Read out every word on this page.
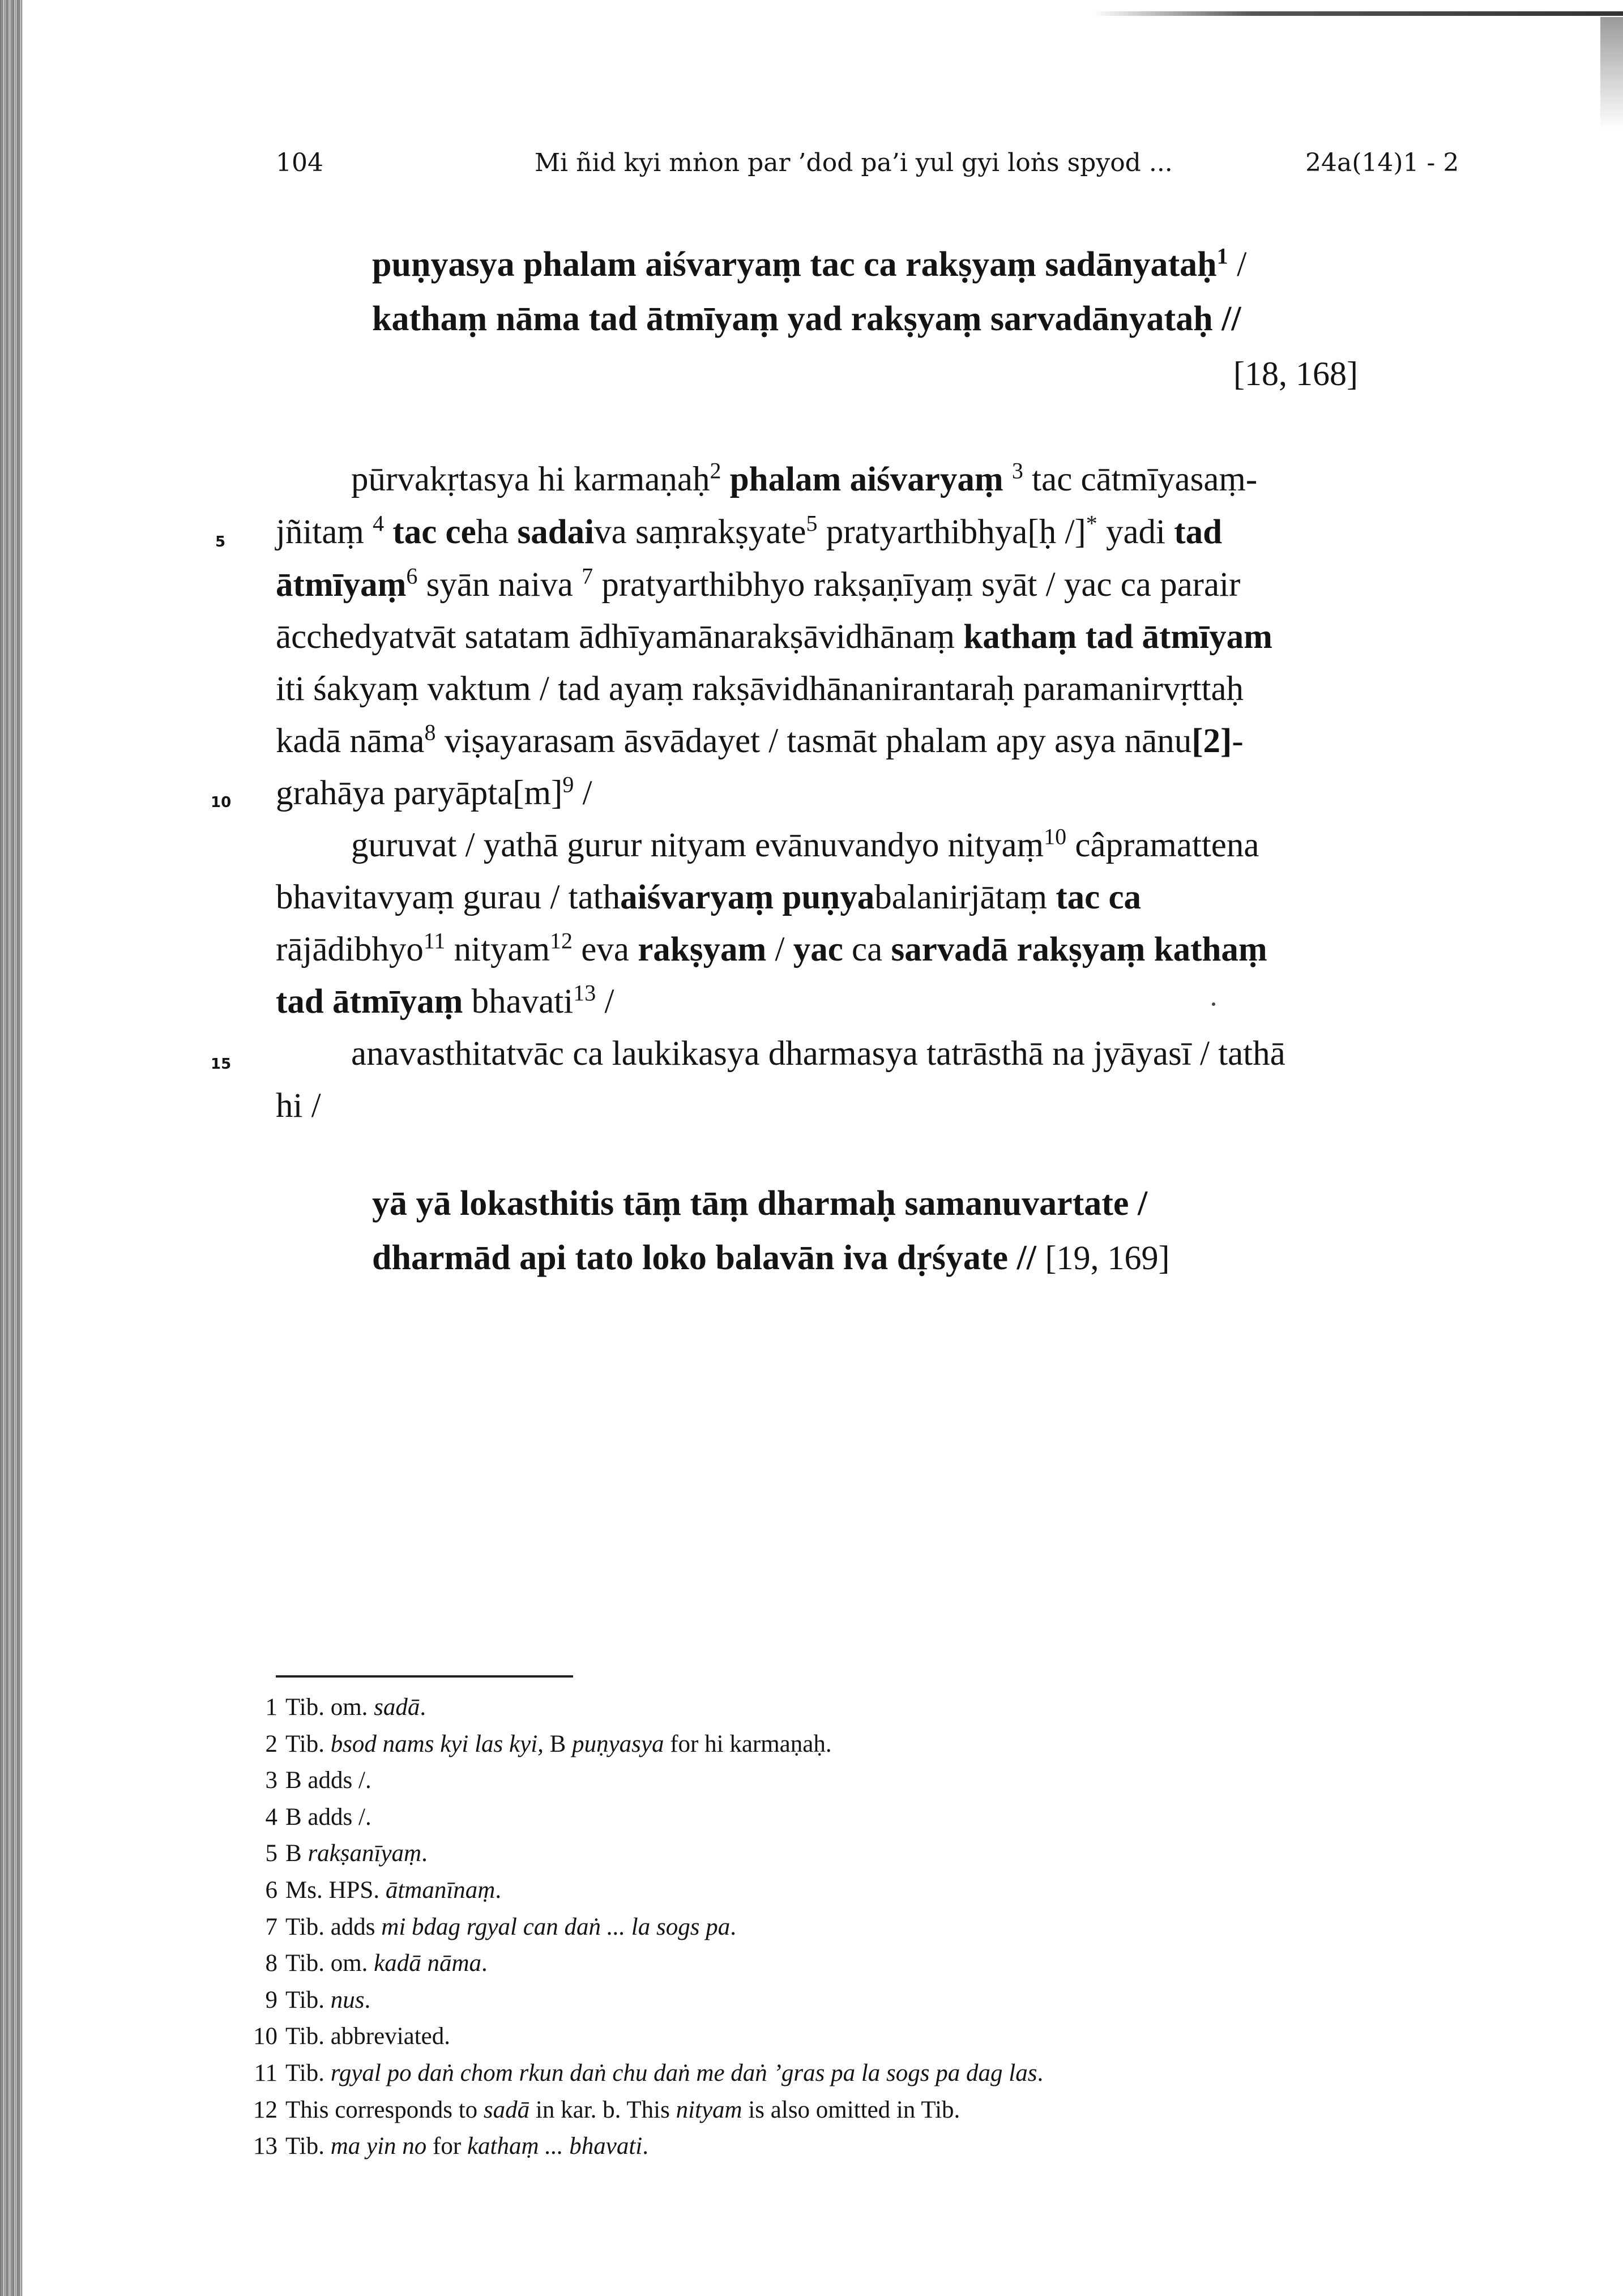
104	Mi ñid kyi mṅon par ’dod pa’i yul gyi loṅs spyod ...	24a(14)1 - 2
puṇyasya phalam aiśvaryaṃ tac ca rakṣyaṃ sadānyataḥ$^1$ /
kathaṃ nāma tad ātmīyaṃ yad rakṣyaṃ sarvadānyataḥ //
[18, 168]
pūrvakṛtasya hi karmaṇaḥ$^2$ phalam aiśvaryaṃ $^3$ tac cātmīyasaṃ-
5 jñitaṃ $^4$ tac ceha sadaiva saṃrakṣyate$^5$ pratyarthibhya[ḥ /]* yadi tad
ātmīyaṃ$^6$ syān naiva $^7$ pratyarthibhyo rakṣaṇīyaṃ syāt / yac ca parair
ācchedyatvāt satatam ādhīyamānarakṣāvidhānaṃ kathaṃ tad ātmīyam
iti śakyaṃ vaktum / tad ayaṃ rakṣāvidhānanirantaraḥ paramanirvṛttaḥ
kadā nāma$^8$ viṣayarasam āsvādayet / tasmāt phalam apy asya nānu[2]-
10 grahāya $paryāpta[m]^9$ /
guruvat / yathā gurur nityam evānuvandyo nityaṃ$^{10}$ câpramattena
bhavitavyaṃ gurau / tathaiśvaryaṃ puṇyabalanirjātaṃ tac ca
rājādibhyo$^{11}$ nityam$^{12}$ eva rakṣyam / yac ca sarvadā rakṣyaṃ kathaṃ
tad ātmīyaṃ bhavati$^{13}$ /
15	anavasthitatvāc ca laukikasya dharmasya tatrāsthā na jyāyasī / tathā
hi /
yā yā lokasthitis tāṃ tāṃ dharmaḥ samanuvartate /
dharmād api tato loko balavān iva dṛśyate // [19, 169]
1 Tib. om. sadā.
2 Tib. bsod nams kyi las kyi, B puṇyasya for hi karmaṇaḥ.
3 B adds /.
4 B adds /.
5 B rakṣanīyaṃ.
6 Ms. HPS. ātmanīnaṃ.
7 Tib. adds mi bdag rgyal can daṅ ... la sogs pa.
8 Tib. om. kadā nāma.
9 Tib. nus.
10 Tib. abbreviated.
11 Tib. rgyal po daṅ chom rkun daṅ chu daṅ me daṅ ’gras pa la sogs pa dag las.
12 This corresponds to sadā in kar. b. This nityam is also omitted in Tib.
13 Tib. ma yin no for kathaṃ ... bhavati.
